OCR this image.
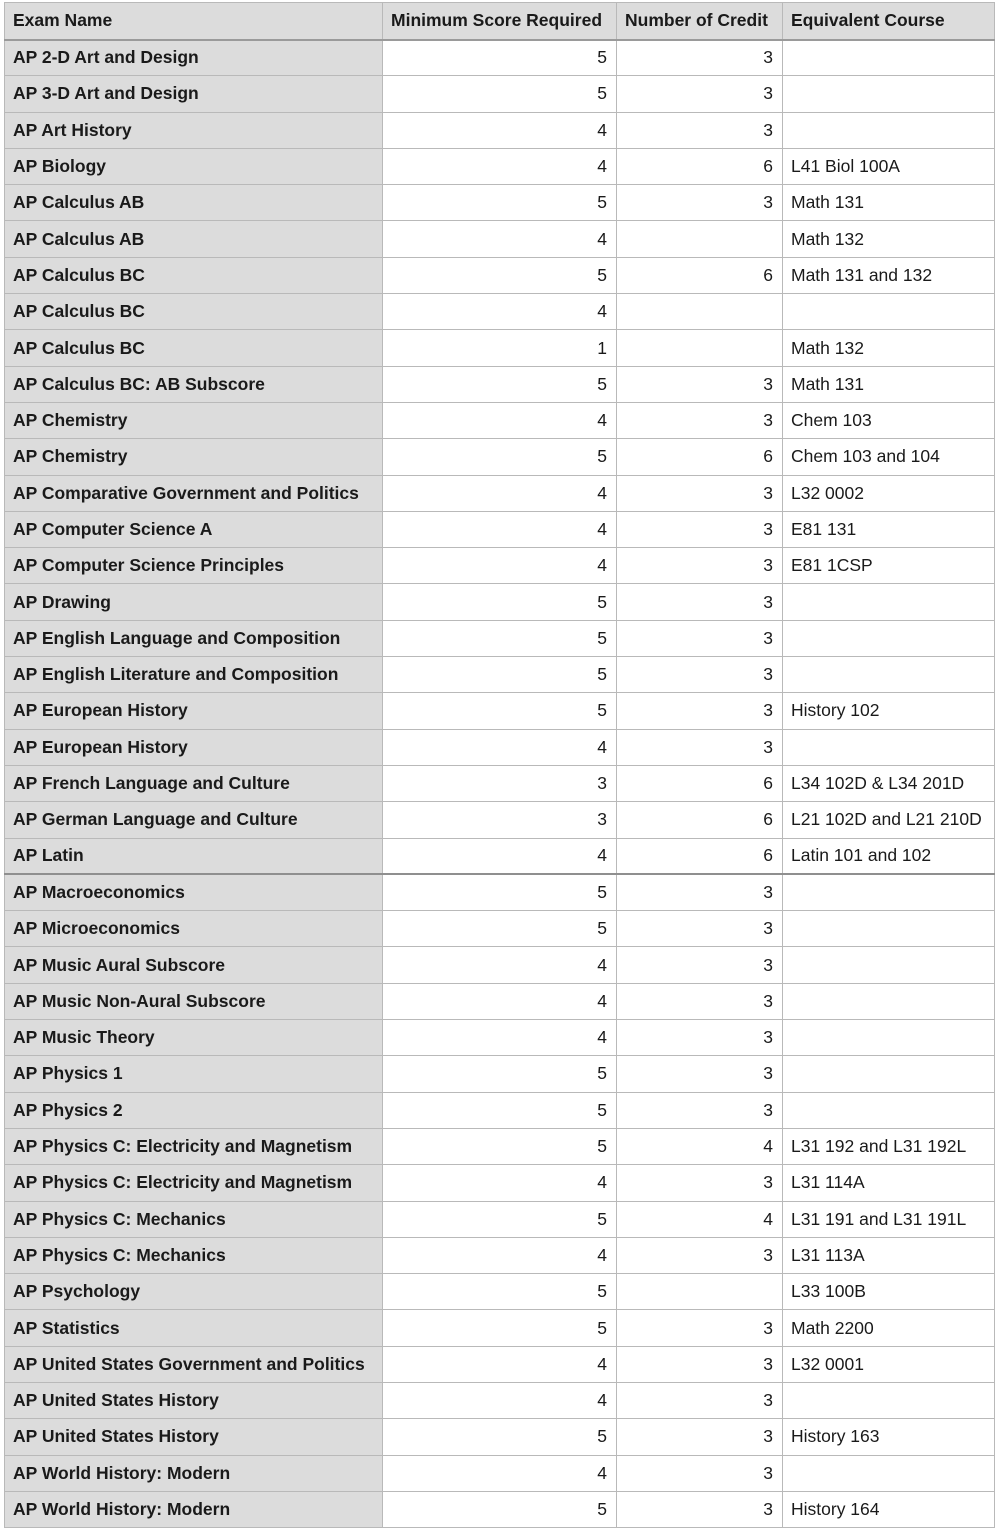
Exam Name	Minimum Score Required	Number of Credit	Equivalent Course
AP 2-D Art and Design	5	3	
AP 3-D Art and Design	5	3	
AP Art History	4	3	
AP Biology	4	6	L41 Biol 100A
AP Calculus AB	5	3	Math 131
AP Calculus AB	4		Math 132
AP Calculus BC	5	6	Math 131 and 132
AP Calculus BC	4		
AP Calculus BC	1		Math 132
AP Calculus BC: AB Subscore	5	3	Math 131
AP Chemistry	4	3	Chem 103
AP Chemistry	5	6	Chem 103 and 104
AP Comparative Government and Politics	4	3	L32 0002
AP Computer Science A	4	3	E81 131
AP Computer Science Principles	4	3	E81 1CSP
AP Drawing	5	3	
AP English Language and Composition	5	3	
AP English Literature and Composition	5	3	
AP European History	5	3	History 102
AP European History	4	3	
AP French Language and Culture	3	6	L34 102D & L34 201D
AP German Language and Culture	3	6	L21 102D and L21 210D
AP Latin	4	6	Latin 101 and 102
AP Macroeconomics	5	3	
AP Microeconomics	5	3	
AP Music Aural Subscore	4	3	
AP Music Non-Aural Subscore	4	3	
AP Music Theory	4	3	
AP Physics 1	5	3	
AP Physics 2	5	3	
AP Physics C: Electricity and Magnetism	5	4	L31 192 and L31 192L
AP Physics C: Electricity and Magnetism	4	3	L31 114A
AP Physics C: Mechanics	5	4	L31 191 and L31 191L
AP Physics C: Mechanics	4	3	L31 113A
AP Psychology	5		L33 100B
AP Statistics	5	3	Math 2200
AP United States Government and Politics	4	3	L32 0001
AP United States History	4	3	
AP United States History	5	3	History 163
AP World History: Modern	4	3	
AP World History: Modern	5	3	History 164
